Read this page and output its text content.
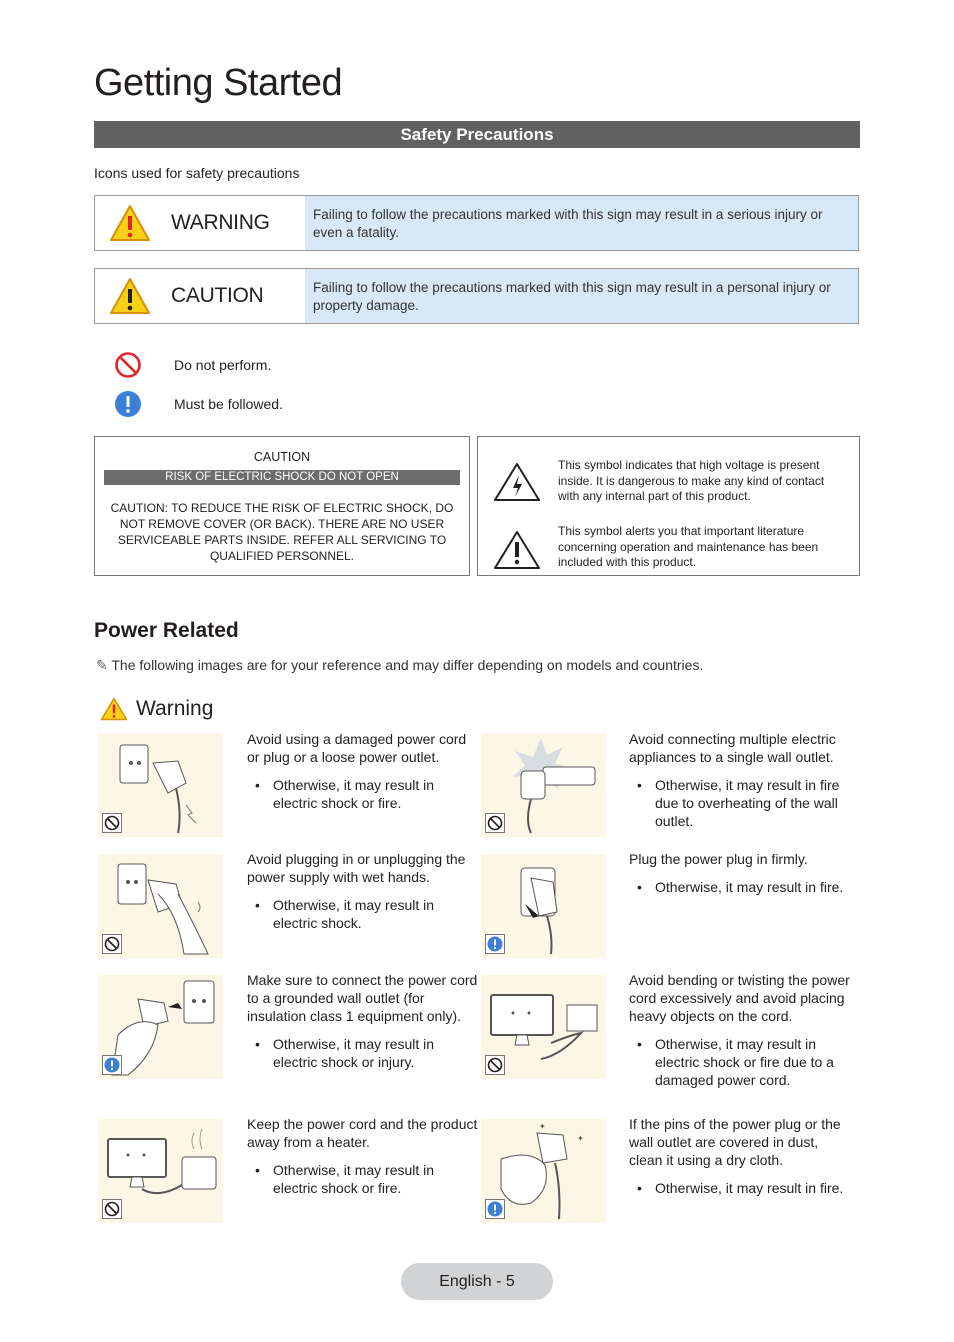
Getting Started
Safety Precautions
Icons used for safety precautions
WARNING	Failing to follow the precautions marked with this sign may result in a serious injury or even a fatality.
CAUTION	Failing to follow the precautions marked with this sign may result in a personal injury or property damage.
Do not perform.
Must be followed.
CAUTION
RISK OF ELECTRIC SHOCK DO NOT OPEN
CAUTION: TO REDUCE THE RISK OF ELECTRIC SHOCK, DO NOT REMOVE COVER (OR BACK). THERE ARE NO USER SERVICEABLE PARTS INSIDE. REFER ALL SERVICING TO QUALIFIED PERSONNEL.
This symbol indicates that high voltage is present inside. It is dangerous to make any kind of contact with any internal part of this product.
This symbol alerts you that important literature concerning operation and maintenance has been included with this product.
Power Related
✎ The following images are for your reference and may differ depending on models and countries.
Warning
Avoid using a damaged power cord or plug or a loose power outlet.
• Otherwise, it may result in electric shock or fire.
Avoid connecting multiple electric appliances to a single wall outlet.
• Otherwise, it may result in fire due to overheating of the wall outlet.
Avoid plugging in or unplugging the power supply with wet hands.
• Otherwise, it may result in electric shock.
Plug the power plug in firmly.
• Otherwise, it may result in fire.
Make sure to connect the power cord to a grounded wall outlet (for insulation class 1 equipment only).
• Otherwise, it may result in electric shock or injury.
Avoid bending or twisting the power cord excessively and avoid placing heavy objects on the cord.
• Otherwise, it may result in electric shock or fire due to a damaged power cord.
Keep the power cord and the product away from a heater.
• Otherwise, it may result in electric shock or fire.
✦
✦
If the pins of the power plug or the wall outlet are covered in dust, clean it using a dry cloth.
• Otherwise, it may result in fire.
English - 5
